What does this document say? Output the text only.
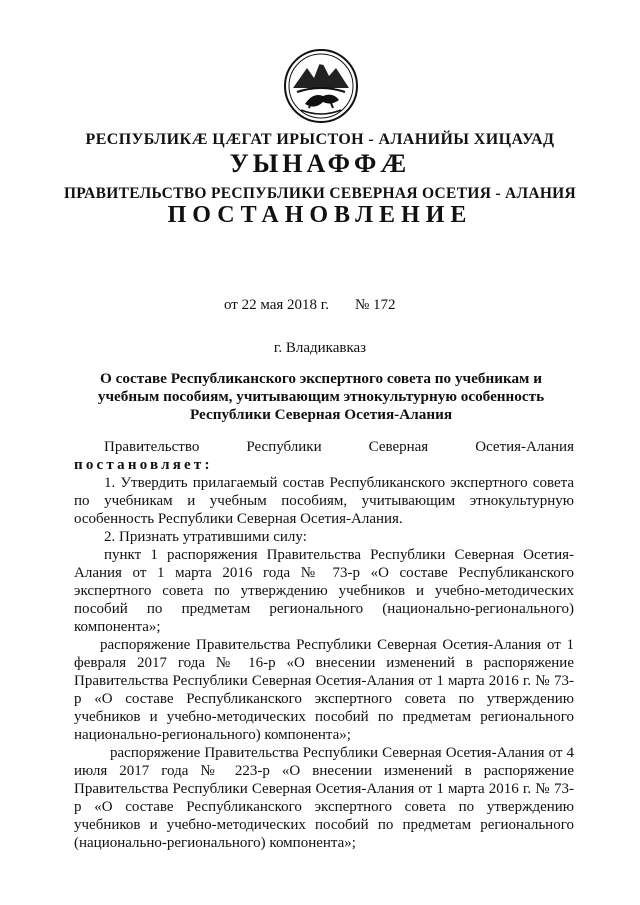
РЕСПУБЛИКӔ ЦӔГАТ ИРЫСТОН - АЛАНИЙЫ ХИЦАУАД
УЫНАФФӔ
ПРАВИТЕЛЬСТВО РЕСПУБЛИКИ СЕВЕРНАЯ ОСЕТИЯ - АЛАНИЯ
ПОСТАНОВЛЕНИЕ
от 22 мая 2018 г. № 172
г. Владикавказ
О составе Республиканского экспертного совета по учебникам и учебным пособиям, учитывающим этнокультурную особенность Республики Северная Осетия-Алания
Правительство	Республики	Северная	Осетия-Алания
постановляет:
1. Утвердить прилагаемый состав Республиканского экспертного совета по учебникам и учебным пособиям, учитывающим этнокультурную особенность Республики Северная Осетия-Алания.
2. Признать утратившими силу:
пункт 1 распоряжения Правительства Республики Северная Осетия-Алания от 1 марта 2016 года № 73-р «О составе Республиканского экспертного совета по утверждению учебников и учебно-методических пособий по предметам регионального (национально-регионального) компонента»;
распоряжение Правительства Республики Северная Осетия-Алания от 1 февраля 2017 года № 16-р «О внесении изменений в распоряжение Правительства Республики Северная Осетия-Алания от 1 марта 2016 г. № 73-р «О составе Республиканского экспертного совета по утверждению учебников и учебно-методических пособий по предметам регионального национально-регионального) компонента»;
распоряжение Правительства Республики Северная Осетия-Алания от 4 июля 2017 года № 223-р «О внесении изменений в распоряжение Правительства Республики Северная Осетия-Алания от 1 марта 2016 г. № 73-р «О составе Республиканского экспертного совета по утверждению учебников и учебно-методических пособий по предметам регионального (национально-регионального) компонента»;
